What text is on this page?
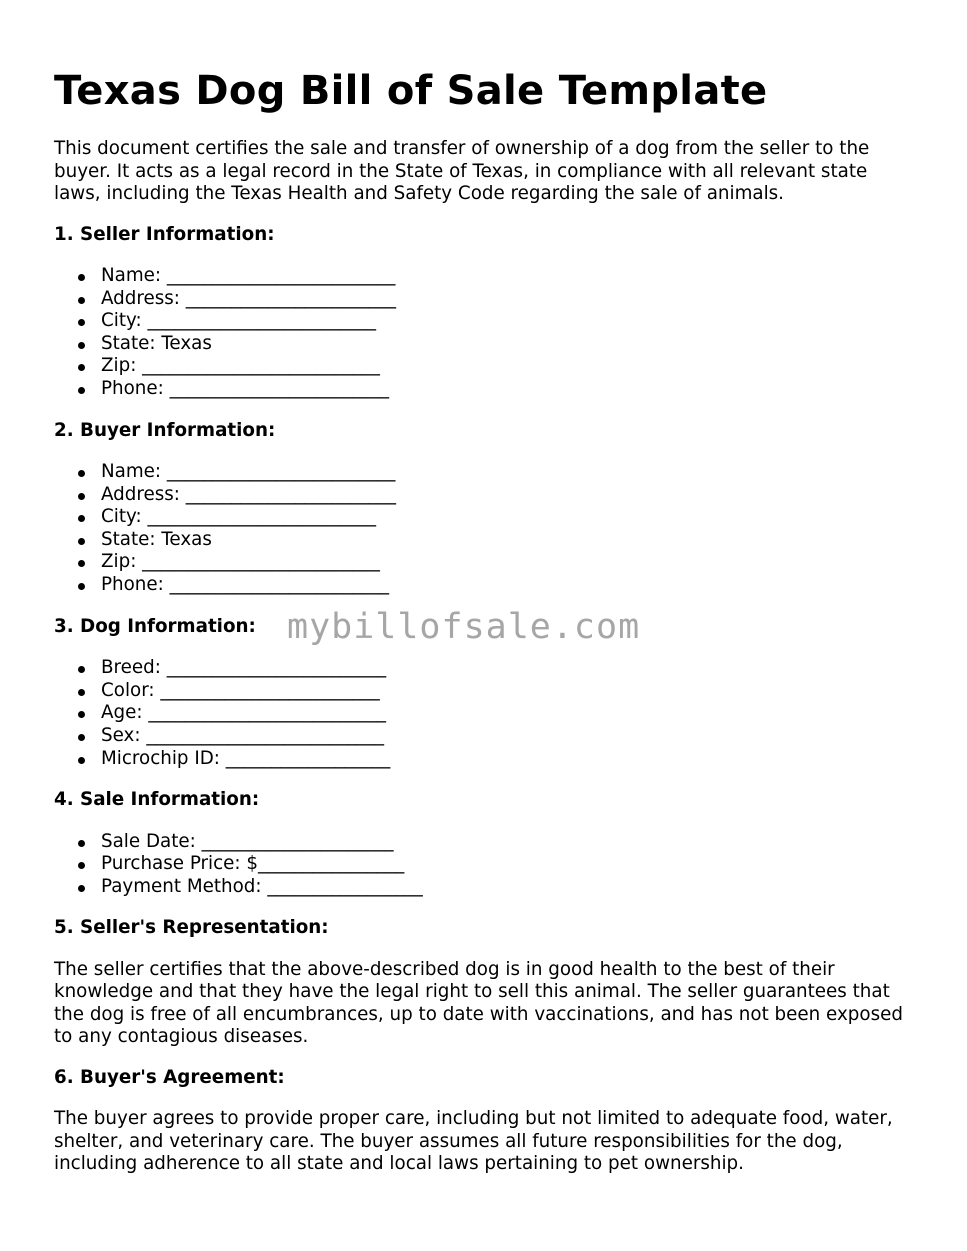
Texas Dog Bill of Sale Template

This document certifies the sale and transfer of ownership of a dog from the seller to the buyer. It acts as a legal record in the State of Texas, in compliance with all relevant state laws, including the Texas Health and Safety Code regarding the sale of animals.

1. Seller Information:
Name: _________________________
Address: _______________________
City: _________________________
State: Texas
Zip: __________________________
Phone: ________________________
2. Buyer Information:
Name: _________________________
Address: _______________________
City: _________________________
State: Texas
Zip: __________________________
Phone: ________________________
3. Dog Information:
Breed: ________________________
Color: ________________________
Age: __________________________
Sex: __________________________
Microchip ID: __________________
4. Sale Information:
Sale Date: _____________________
Purchase Price: $________________
Payment Method: _________________
5. Seller's Representation:

The seller certifies that the above-described dog is in good health to the best of their knowledge and that they have the legal right to sell this animal. The seller guarantees that the dog is free of all encumbrances, up to date with vaccinations, and has not been exposed to any contagious diseases.

6. Buyer's Agreement:

The buyer agrees to provide proper care, including but not limited to adequate food, water, shelter, and veterinary care. The buyer assumes all future responsibilities for the dog, including adherence to all state and local laws pertaining to pet ownership.

mybillofsale.com
